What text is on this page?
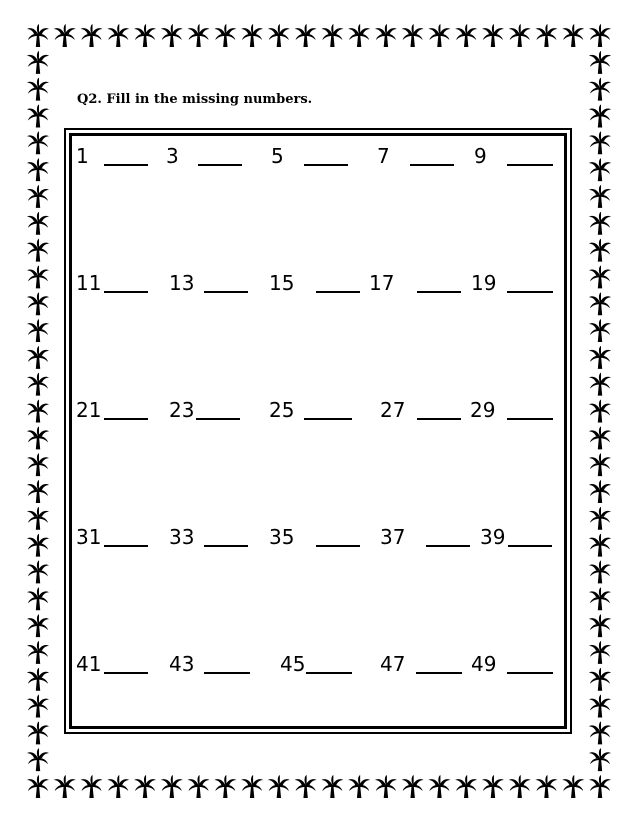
Q2. Fill in the missing numbers.
1	3	5	7	9
11	13	15	17	19
21	23	25	27	29
31	33	35	37	39
41	43	45	47	49
